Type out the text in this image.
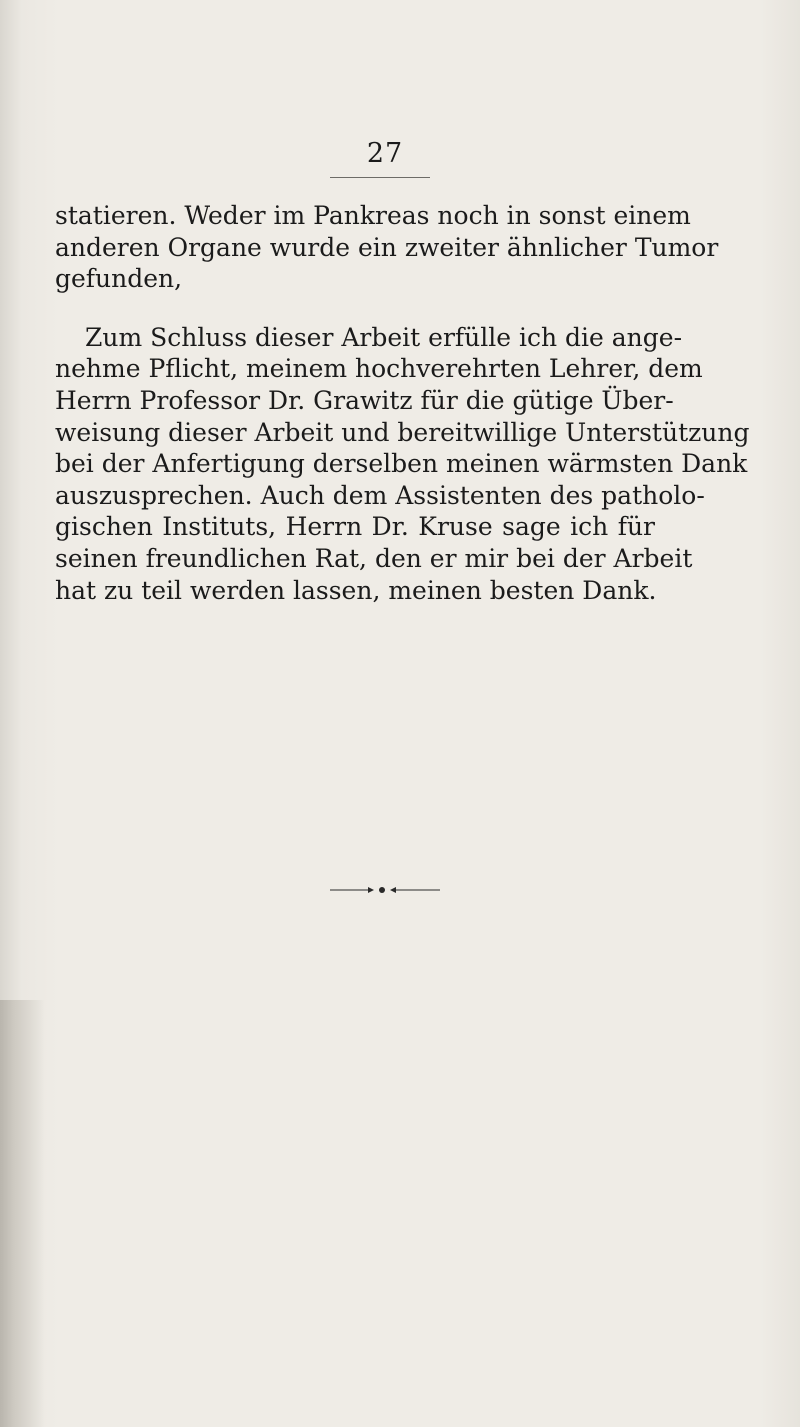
27
statieren. Weder im Pankreas noch in sonst einem
anderen Organe wurde ein zweiter ähnlicher Tumor
gefunden,
Zum Schluss dieser Arbeit erfülle ich die ange-
nehme Pflicht, meinem hochverehrten Lehrer, dem
Herrn Professor Dr. Grawitz für die gütige Über-
weisung dieser Arbeit und bereitwillige Unterstützung
bei der Anfertigung derselben meinen wärmsten Dank
auszusprechen. Auch dem Assistenten des patholo-
gischen Instituts, Herrn Dr. Kruse sage ich für
seinen freundlichen Rat, den er mir bei der Arbeit
hat zu teil werden lassen, meinen besten Dank.
